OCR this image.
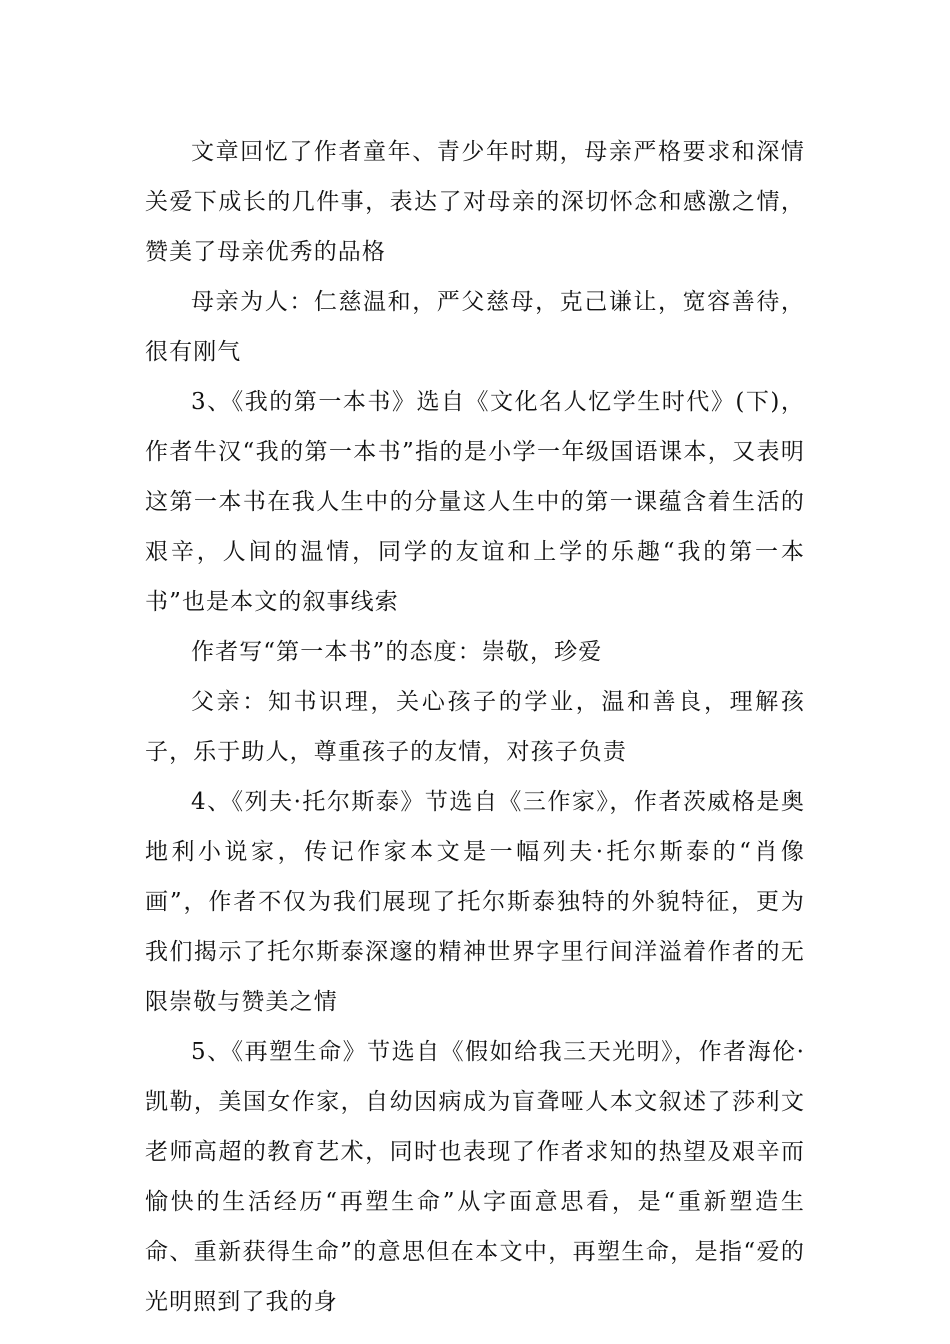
文章回忆了作者童年、青少年时期，母亲严格要求和深情关爱下成长的几件事，表达了对母亲的深切怀念和感激之情，赞美了母亲优秀的品格

母亲为人：仁慈温和，严父慈母，克己谦让，宽容善待，很有刚气

3、《我的第一本书》选自《文化名人忆学生时代》(下)，作者牛汉“我的第一本书”指的是小学一年级国语课本，又表明这第一本书在我人生中的分量这人生中的第一课蕴含着生活的艰辛，人间的温情，同学的友谊和上学的乐趣“我的第一本书”也是本文的叙事线索

作者写“第一本书”的态度：崇敬，珍爱

父亲：知书识理，关心孩子的学业，温和善良，理解孩子，乐于助人，尊重孩子的友情，对孩子负责

4、《列夫·托尔斯泰》节选自《三作家》，作者茨威格是奥地利小说家，传记作家本文是一幅列夫·托尔斯泰的“肖像画”，作者不仅为我们展现了托尔斯泰独特的外貌特征，更为我们揭示了托尔斯泰深邃的精神世界字里行间洋溢着作者的无限崇敬与赞美之情

5、《再塑生命》节选自《假如给我三天光明》，作者海伦·凯勒，美国女作家，自幼因病成为盲聋哑人本文叙述了莎利文老师高超的教育艺术，同时也表现了作者求知的热望及艰辛而愉快的生活经历“再塑生命”从字面意思看，是“重新塑造生命、重新获得生命”的意思但在本文中，再塑生命，是指“爱的光明照到了我的身
